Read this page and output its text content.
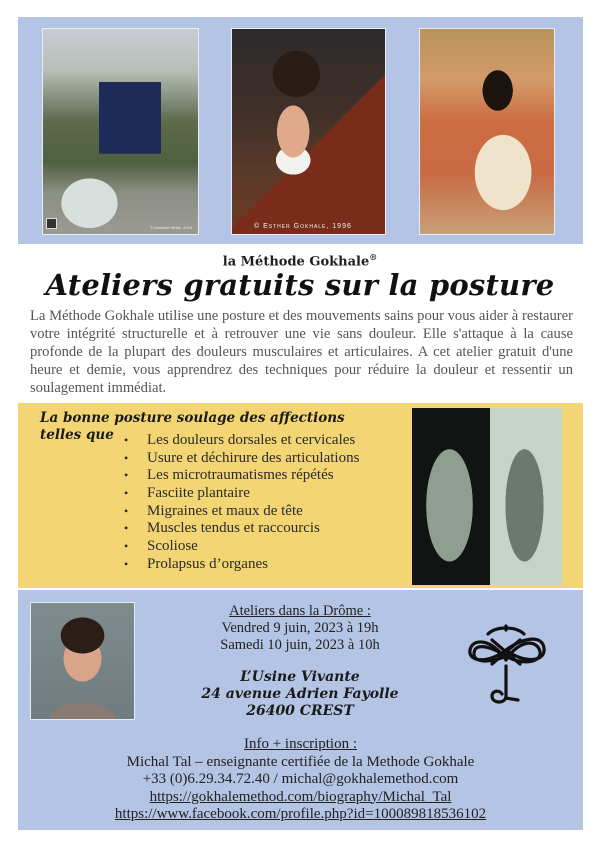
© Monishe White, 2018	© Esther Gokhale, 1996
la Méthode Gokhale®
Ateliers gratuits sur la posture
La Méthode Gokhale utilise une posture et des mouvements sains pour vous aider à restaurer votre intégrité structurelle et à retrouver une vie sans douleur. Elle s'attaque à la cause profonde de la plupart des douleurs musculaires et articulaires. A cet atelier gratuit d'une heure et demie, vous apprendrez des techniques pour réduire la douleur et ressentir un soulagement immédiat.
La bonne posture soulage des affections
telles que	• Les douleurs dorsales et cervicales
• Usure et déchirure des articulations
• Les microtraumatismes répétés
• Fasciite plantaire
• Migraines et maux de tête
• Muscles tendus et raccourcis
• Scoliose
• Prolapsus d’organes
Ateliers dans la Drôme :
Vendred 9 juin, 2023 à 19h
Samedi 10 juin, 2023 à 10h
L’Usine Vivante
24 avenue Adrien Fayolle
26400 CREST
Info + inscription :
Michal Tal – enseignante certifiée de la Methode Gokhale
+33 (0)6.29.34.72.40 / michal@gokhalemethod.com
https://gokhalemethod.com/biography/Michal_Tal
https://www.facebook.com/profile.php?id=100089818536102
